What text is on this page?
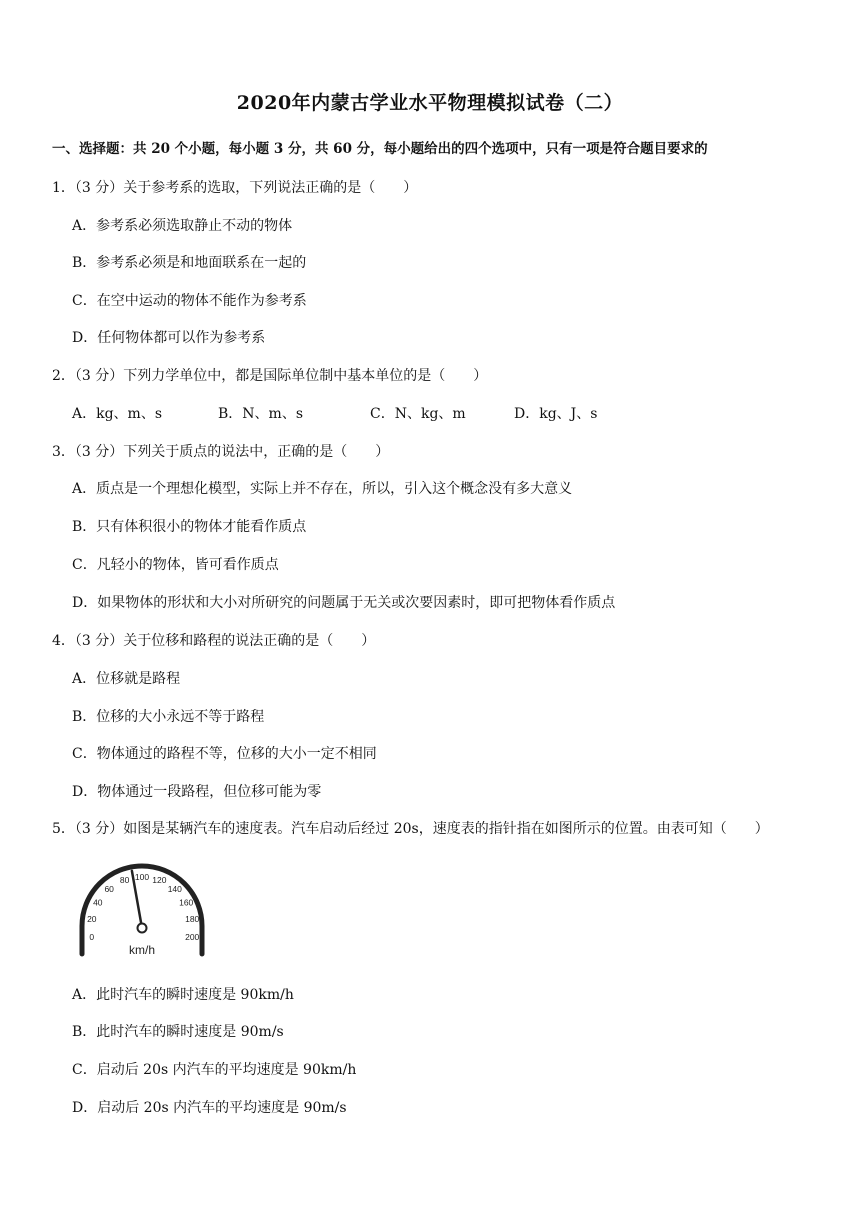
2020年内蒙古学业水平物理模拟试卷（二）
一、选择题：共 20 个小题，每小题 3 分，共 60 分，每小题给出的四个选项中，只有一项是符合题目要求的
1．（3 分）关于参考系的选取，下列说法正确的是（　　）
A．参考系必须选取静止不动的物体
B．参考系必须是和地面联系在一起的
C．在空中运动的物体不能作为参考系
D．任何物体都可以作为参考系
2．（3 分）下列力学单位中，都是国际单位制中基本单位的是（　　）
A．kg、m、s	B．N、m、s	C．N、kg、m	D．kg、J、s
3．（3 分）下列关于质点的说法中，正确的是（　　）
A．质点是一个理想化模型，实际上并不存在，所以，引入这个概念没有多大意义
B．只有体积很小的物体才能看作质点
C．凡轻小的物体，皆可看作质点
D．如果物体的形状和大小对所研究的问题属于无关或次要因素时，即可把物体看作质点
4．（3 分）关于位移和路程的说法正确的是（　　）
A．位移就是路程
B．位移的大小永远不等于路程
C．物体通过的路程不等，位移的大小一定不相同
D．物体通过一段路程，但位移可能为零
5．（3 分）如图是某辆汽车的速度表。汽车启动后经过 20s，速度表的指针指在如图所示的位置。由表可知（　　）
0
20
40
60
80 100 120
140
160
180
200
km/h
A．此时汽车的瞬时速度是 90km/h
B．此时汽车的瞬时速度是 90m/s
C．启动后 20s 内汽车的平均速度是 90km/h
D．启动后 20s 内汽车的平均速度是 90m/s
